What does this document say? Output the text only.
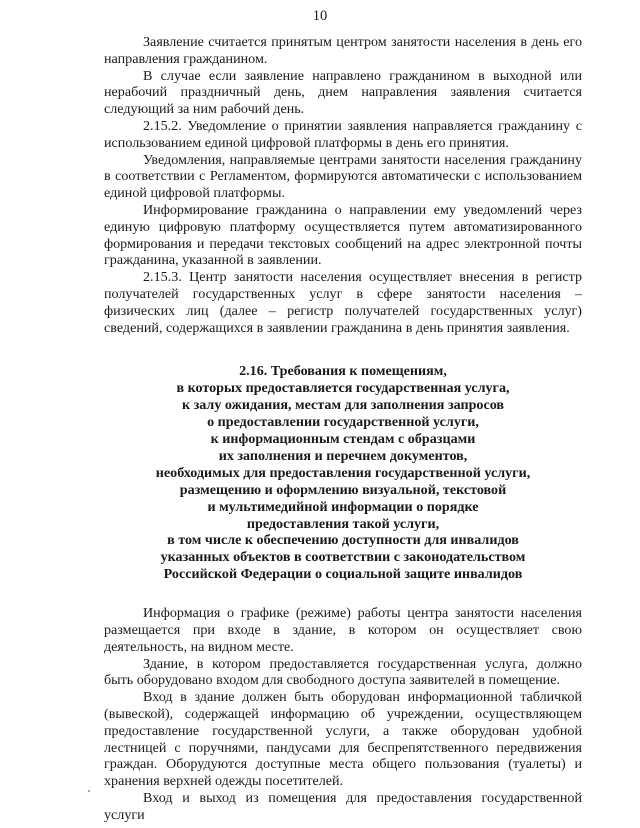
10

Заявление считается принятым центром занятости населения в день его направления гражданином.

В случае если заявление направлено гражданином в выходной или нерабочий праздничный день, днем направления заявления считается следующий за ним рабочий день.

2.15.2. Уведомление о принятии заявления направляется гражданину с использованием единой цифровой платформы в день его принятия.

Уведомления, направляемые центрами занятости населения гражданину в соответствии с Регламентом, формируются автоматически с использованием единой цифровой платформы.

Информирование гражданина о направлении ему уведомлений через единую цифровую платформу осуществляется путем автоматизированного формирования и передачи текстовых сообщений на адрес электронной почты гражданина, указанной в заявлении.

2.15.3. Центр занятости населения осуществляет внесения в регистр получателей государственных услуг в сфере занятости населения – физических лиц (далее – регистр получателей государственных услуг) сведений, содержащихся в заявлении гражданина в день принятия заявления.

2.16. Требования к помещениям,
в которых предоставляется государственная услуга,
к залу ожидания, местам для заполнения запросов
о предоставлении государственной услуги,
к информационным стендам с образцами
их заполнения и перечнем документов,
необходимых для предоставления государственной услуги,
размещению и оформлению визуальной, текстовой
и мультимедийной информации о порядке
предоставления такой услуги,
в том числе к обеспечению доступности для инвалидов
указанных объектов в соответствии с законодательством
Российской Федерации о социальной защите инвалидов

Информация о графике (режиме) работы центра занятости населения размещается при входе в здание, в котором он осуществляет свою деятельность, на видном месте.

Здание, в котором предоставляется государственная услуга, должно быть оборудовано входом для свободного доступа заявителей в помещение.

Вход в здание должен быть оборудован информационной табличкой (вывеской), содержащей информацию об учреждении, осуществляющем предоставление государственной услуги, а также оборудован удобной лестницей с поручнями, пандусами для беспрепятственного передвижения граждан. Оборудуются доступные места общего пользования (туалеты) и хранения верхней одежды посетителей.

Вход и выход из помещения для предоставления государственной услуги
